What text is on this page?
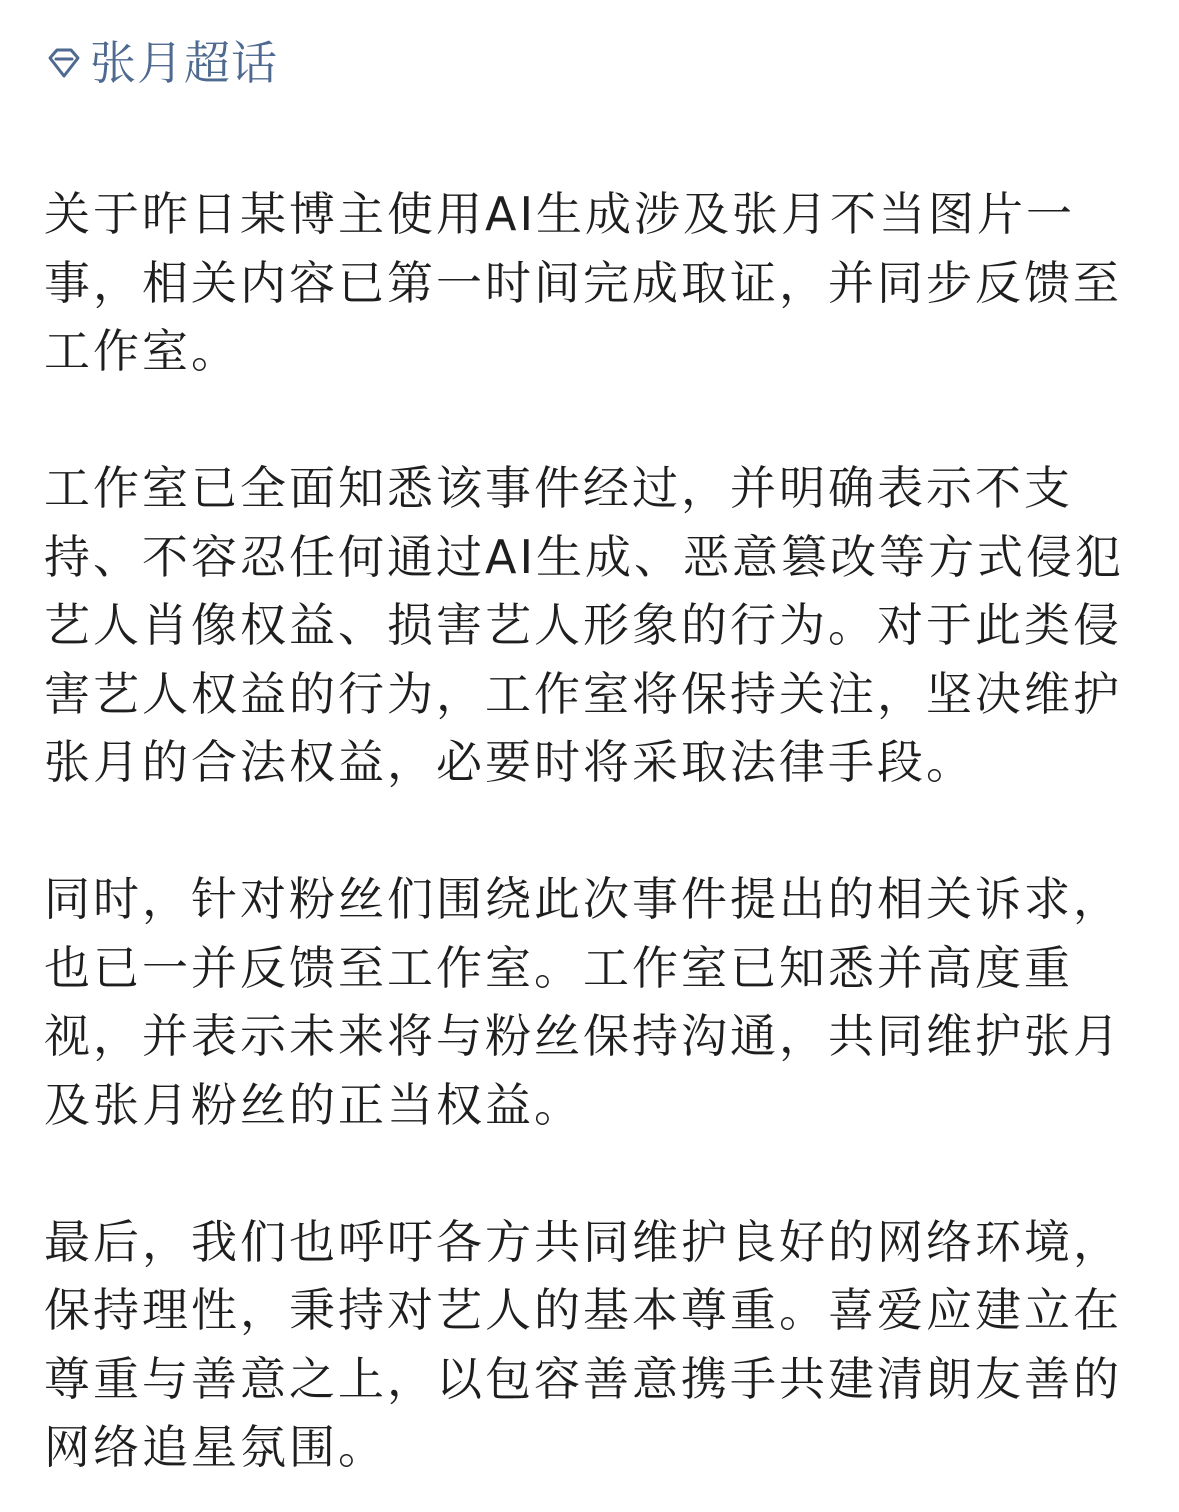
张月超话

关于昨日某博主使用AI生成涉及张月不当图片一
事，相关内容已第一时间完成取证，并同步反馈至
工作室。

工作室已全面知悉该事件经过，并明确表示不支
持、不容忍任何通过AI生成、恶意篡改等方式侵犯
艺人肖像权益、损害艺人形象的行为。对于此类侵
害艺人权益的行为，工作室将保持关注，坚决维护
张月的合法权益，必要时将采取法律手段。

同时，针对粉丝们围绕此次事件提出的相关诉求，
也已一并反馈至工作室。工作室已知悉并高度重
视，并表示未来将与粉丝保持沟通，共同维护张月
及张月粉丝的正当权益。

最后，我们也呼吁各方共同维护良好的网络环境，
保持理性，秉持对艺人的基本尊重。喜爱应建立在
尊重与善意之上，以包容善意携手共建清朗友善的
网络追星氛围。
